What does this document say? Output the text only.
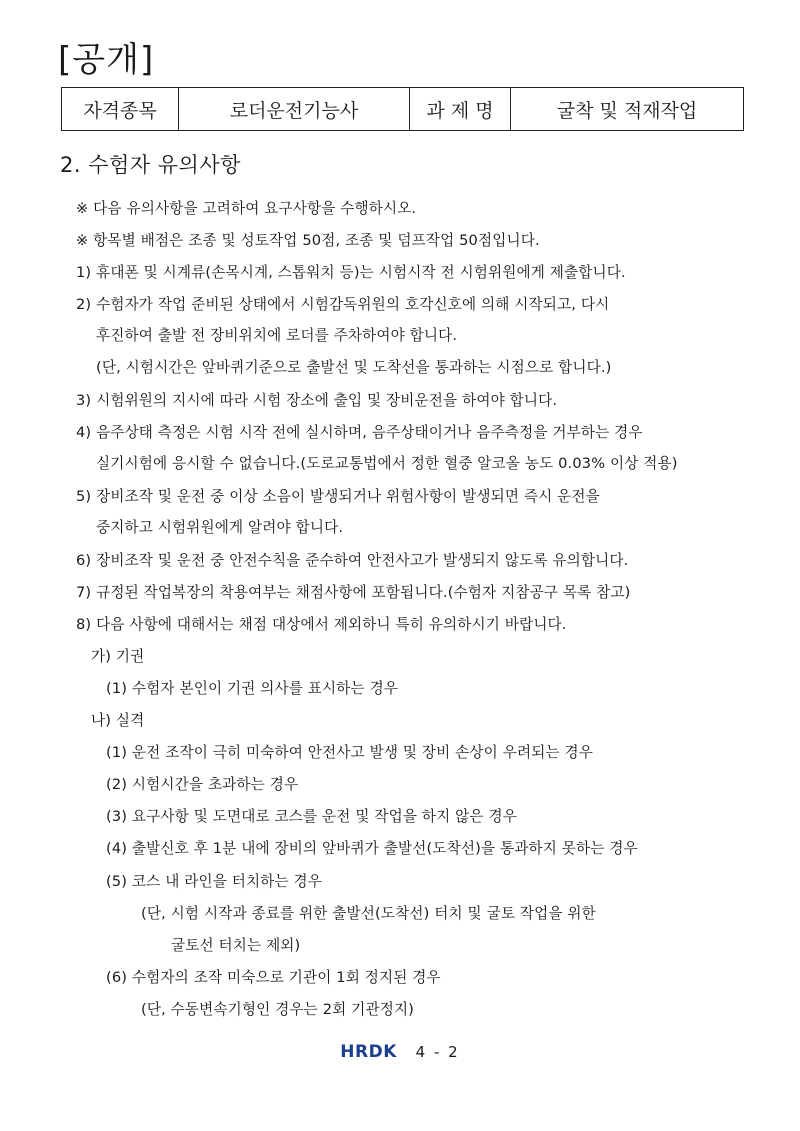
[공개]
자격종목	로더운전기능사	과 제 명	굴착 및 적재작업
2. 수험자 유의사항
※ 다음 유의사항을 고려하여 요구사항을 수행하시오.
※ 항목별 배점은 조종 및 성토작업 50점, 조종 및 덤프작업 50점입니다.
1) 휴대폰 및 시계류(손목시계, 스톱워치 등)는 시험시작 전 시험위원에게 제출합니다.
2) 수험자가 작업 준비된 상태에서 시험감독위원의 호각신호에 의해 시작되고, 다시
후진하여 출발 전 장비위치에 로더를 주차하여야 합니다.
(단, 시험시간은 앞바퀴기준으로 출발선 및 도착선을 통과하는 시점으로 합니다.)
3) 시험위원의 지시에 따라 시험 장소에 출입 및 장비운전을 하여야 합니다.
4) 음주상태 측정은 시험 시작 전에 실시하며, 음주상태이거나 음주측정을 거부하는 경우
실기시험에 응시할 수 없습니다.(도로교통법에서 정한 혈중 알코올 농도 0.03% 이상 적용)
5) 장비조작 및 운전 중 이상 소음이 발생되거나 위험사항이 발생되면 즉시 운전을
중지하고 시험위원에게 알려야 합니다.
6) 장비조작 및 운전 중 안전수칙을 준수하여 안전사고가 발생되지 않도록 유의합니다.
7) 규정된 작업복장의 착용여부는 채점사항에 포함됩니다.(수험자 지참공구 목록 참고)
8) 다음 사항에 대해서는 채점 대상에서 제외하니 특히 유의하시기 바랍니다.
가) 기권
(1) 수험자 본인이 기권 의사를 표시하는 경우
나) 실격
(1) 운전 조작이 극히 미숙하여 안전사고 발생 및 장비 손상이 우려되는 경우
(2) 시험시간을 초과하는 경우
(3) 요구사항 및 도면대로 코스를 운전 및 작업을 하지 않은 경우
(4) 출발신호 후 1분 내에 장비의 앞바퀴가 출발선(도착선)을 통과하지 못하는 경우
(5) 코스 내 라인을 터치하는 경우
(단, 시험 시작과 종료를 위한 출발선(도착선) 터치 및 굴토 작업을 위한
굴토선 터치는 제외)
(6) 수험자의 조작 미숙으로 기관이 1회 정지된 경우
(단, 수동변속기형인 경우는 2회 기관정지)
HRDK 4 - 2
